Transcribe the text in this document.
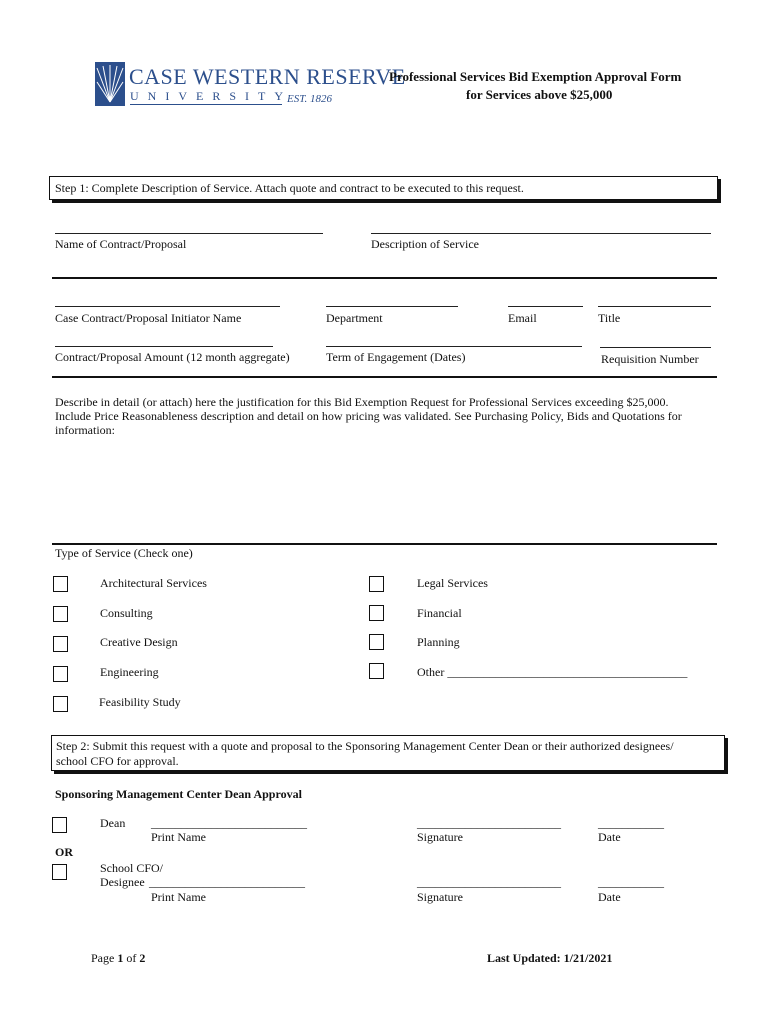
CASE WESTERN RESERVE
UNIVERSITY
EST. 1826
Professional Services Bid Exemption Approval Form
for Services above $25,000
Step 1: Complete Description of Service. Attach quote and contract to be executed to this request.
Name of Contract/Proposal	Description of Service
Case Contract/Proposal Initiator Name	Department	Email	Title
Contract/Proposal Amount (12 month aggregate)	Term of Engagement (Dates)	Requisition Number
Describe in detail (or attach) here the justification for this Bid Exemption Request for Professional Services exceeding $25,000.
Include Price Reasonableness description and detail on how pricing was validated. See Purchasing Policy, Bids and Quotations for
information:
Type of Service (Check one)
Architectural Services
Consulting
Creative Design
Engineering
Feasibility Study
Legal Services
Financial
Planning
Other ________________________________________
Step 2: Submit this request with a quote and proposal to the Sponsoring Management Center Dean or their authorized designees/
school CFO for approval.
Sponsoring Management Center Dean Approval
Dean __________________________
Print Name
________________________
Signature
___________
Date
OR
School CFO/
Designee __________________________
Print Name
________________________
Signature
___________
Date
Page 1 of 2	Last Updated: 1/21/2021
